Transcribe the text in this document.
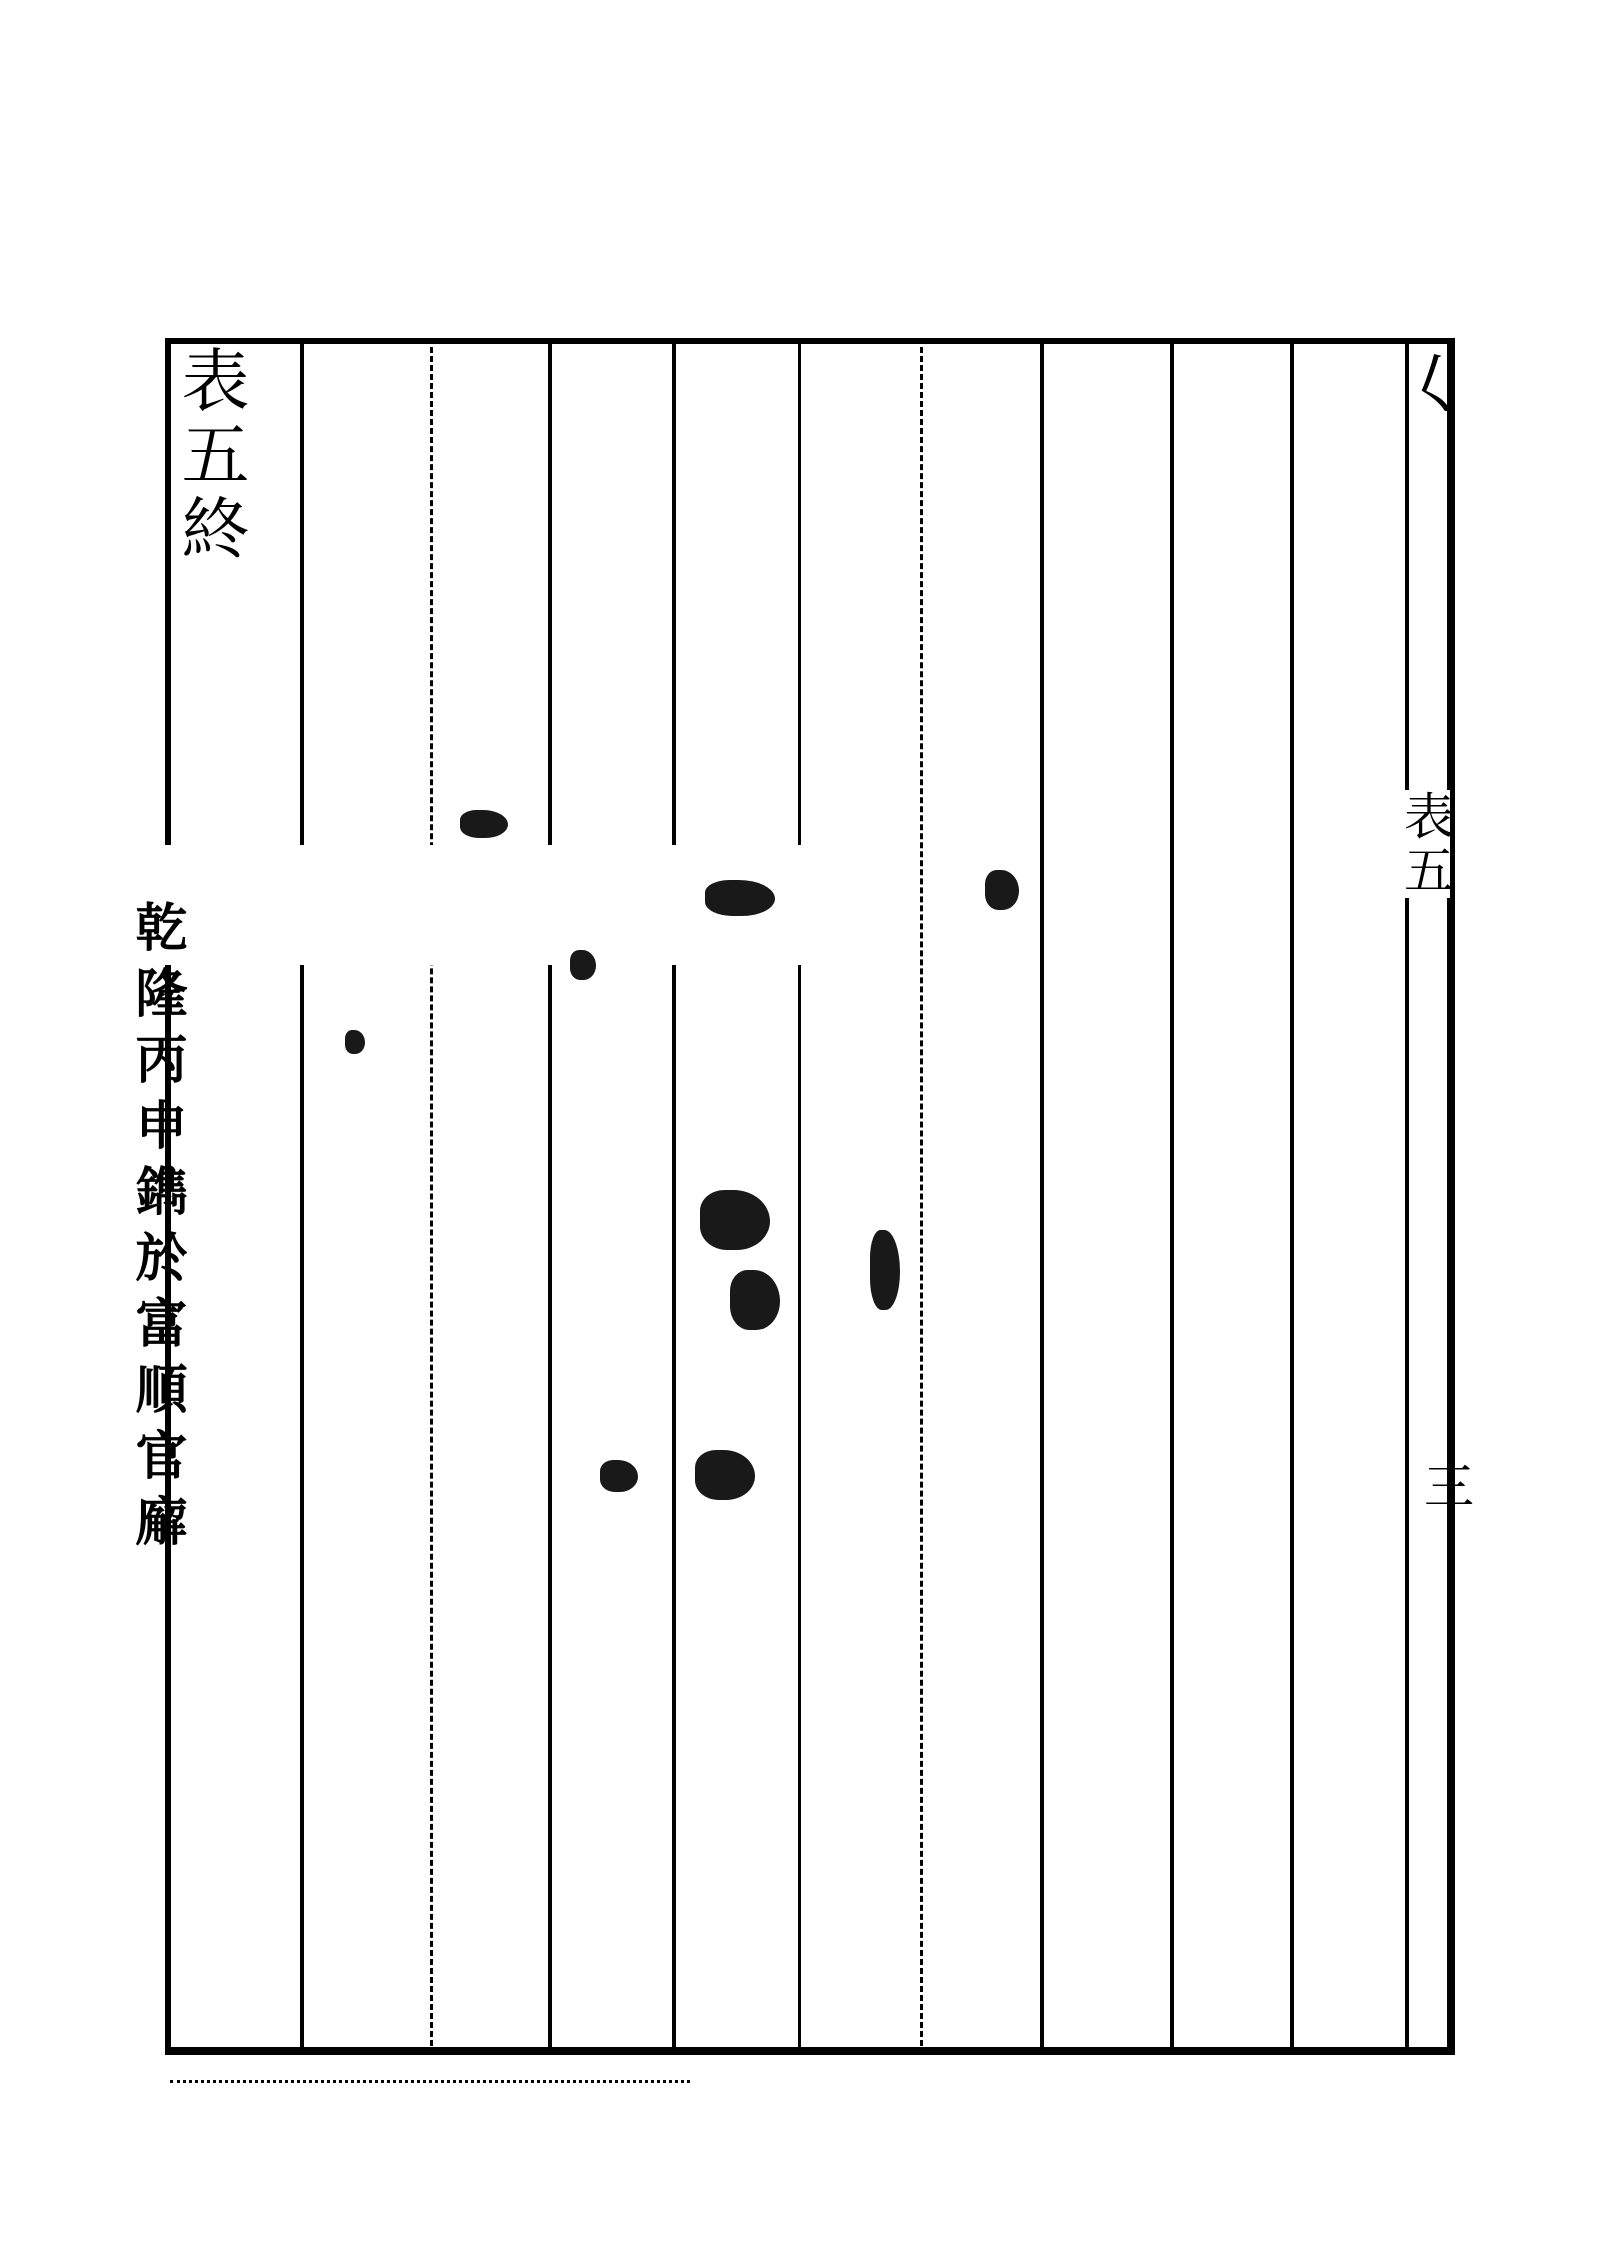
表五終
乾隆丙申鐫於富順官廨
𡿨
表五
三
